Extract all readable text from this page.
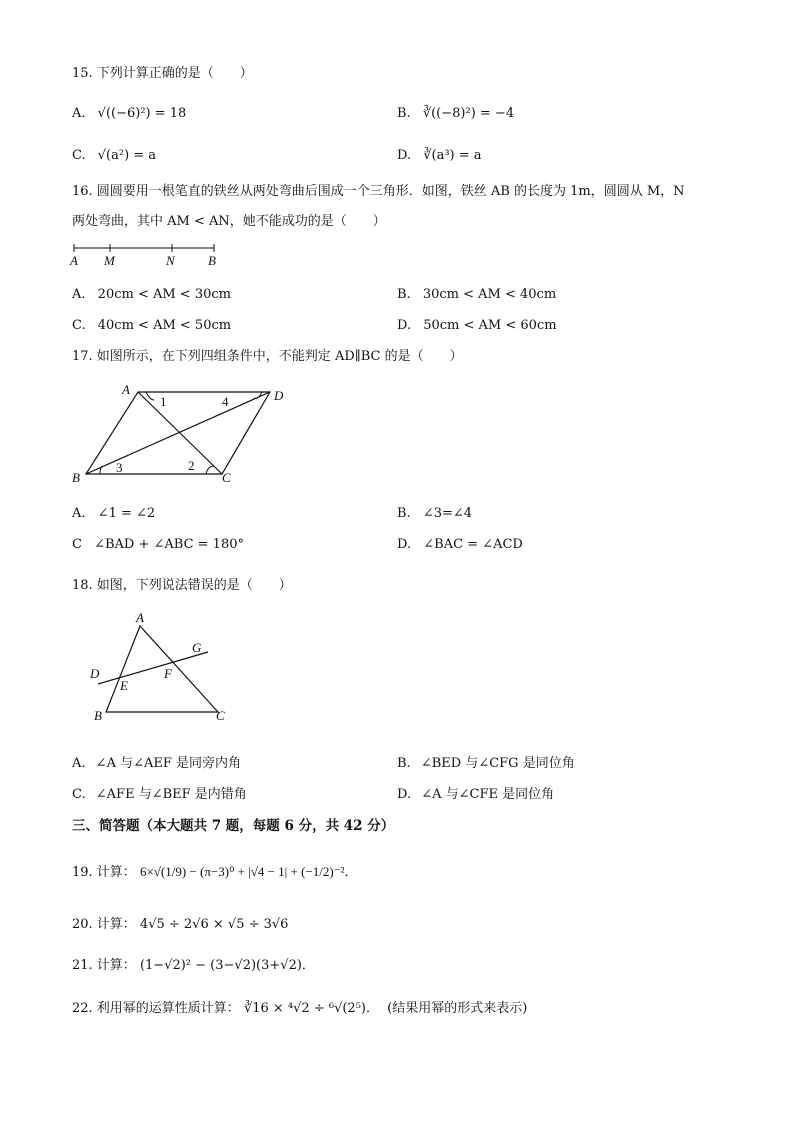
15. 下列计算正确的是（　　）
A. √((−6)²) = 18	B. ∛((−8)²) = −4
C. √(a²) = a	D. ∛(a³) = a
16. 圆圆要用一根笔直的铁丝从两处弯曲后围成一个三角形．如图，铁丝 AB 的长度为 1m，圆圆从 M，N
两处弯曲，其中 AM < AN，她不能成功的是（　　）
A M	N	B
A. 20cm < AM < 30cm	B. 30cm < AM < 40cm
C. 40cm < AM < 50cm	D. 50cm < AM < 60cm
17. 如图所示，在下列四组条件中，不能判定 AD∥BC 的是（　　）
A	D
B	C
1	4
3	2
A. ∠1 = ∠2	B. ∠3=∠4
C ∠BAD + ∠ABC = 180°	D. ∠BAC = ∠ACD
18. 如图，下列说法错误的是（　　）
A
B	C
D
E
F
G
A. ∠A 与∠AEF 是同旁内角	B. ∠BED 与∠CFG 是同位角
C. ∠AFE 与∠BEF 是内错角	D. ∠A 与∠CFE 是同位角
三、简答题（本大题共 7 题，每题 6 分，共 42 分）
19. 计算： 6×√(1/9) − (π−3)⁰ + |√4 − 1| + (−1/2)⁻²．
20. 计算： 4√5 ÷ 2√6 × √5 ÷ 3√6
21. 计算： (1−√2)² − (3−√2)(3+√2)．
22. 利用幂的运算性质计算： ∛16 × ⁴√2 ÷ ⁶√(2⁵)． (结果用幂的形式来表示)
